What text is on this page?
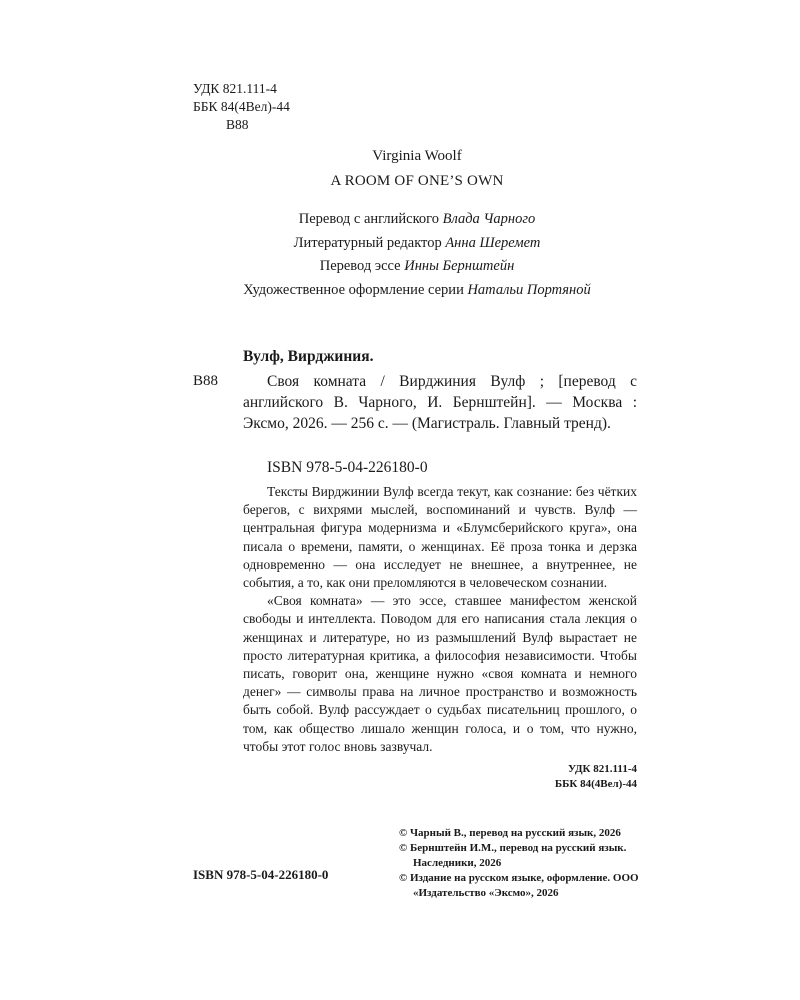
УДК 821.111-4
ББК 84(4Вел)-44
В88
Virginia Woolf
A ROOM OF ONE’S OWN
Перевод с английского Влада Чарного
Литературный редактор Анна Шеремет
Перевод эссе Инны Бернштейн
Художественное оформление серии Натальи Портяной
Вулф, Вирджиния.
В88	Своя комната / Вирджиния Вулф ; [перевод с английского В. Чарного, И. Бернштейн]. — Москва : Эксмо, 2026. — 256 с. — (Магистраль. Главный тренд).

ISBN 978-5-04-226180-0

Тексты Вирджинии Вулф всегда текут, как сознание: без чётких берегов, с вихрями мыслей, воспоминаний и чувств. Вулф — центральная фигура модернизма и «Блумсберийского круга», она писала о времени, памяти, о женщинах. Её проза тонка и дерзка одновременно — она исследует не внешнее, а внутреннее, не события, а то, как они преломляются в человеческом сознании.

«Своя комната» — это эссе, ставшее манифестом женской свободы и интеллекта. Поводом для его написания стала лекция о женщинах и литературе, но из размышлений Вулф вырастает не просто литературная критика, а философия независимости. Чтобы писать, говорит она, женщине нужно «своя комната и немного денег» — символы права на личное пространство и возможность быть собой. Вулф рассуждает о судьбах писательниц прошлого, о том, как общество лишало женщин голоса, и о том, что нужно, чтобы этот голос вновь зазвучал.

УДК 821.111-4
ББК 84(4Вел)-44
© Чарный В., перевод на русский язык, 2026
© Бернштейн И.М., перевод на русский язык. Наследники, 2026
© Издание на русском языке, оформление. ООО «Издательство «Эксмо», 2026
ISBN 978-5-04-226180-0
